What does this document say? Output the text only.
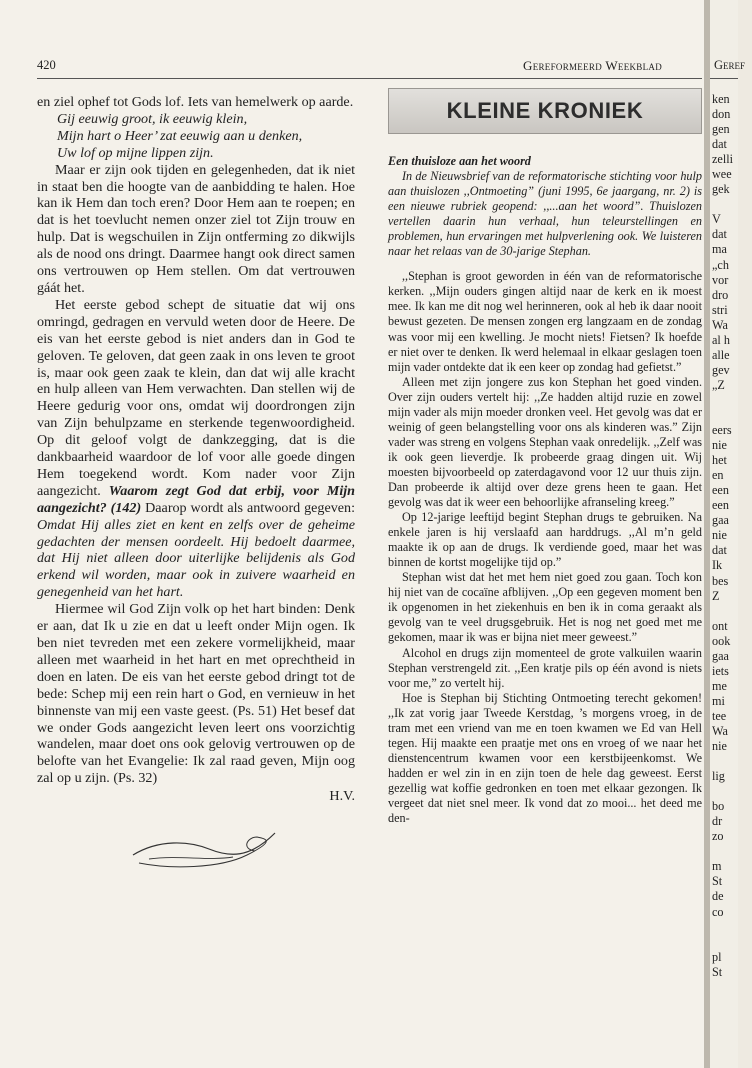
420	Gereformeerd Weekblad

en ziel ophef tot Gods lof. Iets van hemelwerk op aarde.

Gij eeuwig groot, ik eeuwig klein,

Mijn hart o Heer’ zat eeuwig aan u denken,

Uw lof op mijne lippen zijn.

Maar er zijn ook tijden en gelegenheden, dat ik niet in staat ben die hoogte van de aanbidding te halen. Hoe kan ik Hem dan toch eren? Door Hem aan te roepen; en dat is het toevlucht nemen onzer ziel tot Zijn trouw en hulp. Dat is wegschuilen in Zijn ontferming zo dikwijls als de nood ons dringt. Daarmee hangt ook direct samen ons vertrouwen op Hem stellen. Om dat vertrouwen gáát het.

Het eerste gebod schept de situatie dat wij ons omringd, gedragen en vervuld weten door de Heere. De eis van het eerste gebod is niet anders dan in God te geloven. Te geloven, dat geen zaak in ons leven te groot is, maar ook geen zaak te klein, dan dat wij alle kracht en hulp alleen van Hem verwachten. Dan stellen wij de Heere gedurig voor ons, omdat wij doordrongen zijn van Zijn behulpzame en sterkende tegenwoordigheid. Op dit geloof volgt de dankzegging, dat is die dankbaarheid waardoor de lof voor alle goede dingen Hem toegekend wordt. Kom nader voor Zijn aangezicht. Waarom zegt God dat erbij, voor Mijn aangezicht? (142) Daarop wordt als antwoord gegeven: Omdat Hij alles ziet en kent en zelfs over de geheime gedachten der mensen oordeelt. Hij bedoelt daarmee, dat Hij niet alleen door uiterlijke belijdenis als God erkend wil worden, maar ook in zuivere waarheid en genegenheid van het hart.

Hiermee wil God Zijn volk op het hart binden: Denk er aan, dat Ik u zie en dat u leeft onder Mijn ogen. Ik ben niet tevreden met een zekere vormelijkheid, maar alleen met waarheid in het hart en met oprechtheid in doen en laten. De eis van het eerste gebod dringt tot de bede: Schep mij een rein hart o God, en vernieuw in het binnenste van mij een vaste geest. (Ps. 51) Het besef dat we onder Gods aangezicht leven leert ons voorzichtig wandelen, maar doet ons ook gelovig vertrouwen op de belofte van het Evangelie: Ik zal raad geven, Mijn oog zal op u zijn. (Ps. 32)

H.V.

KLEINE KRONIEK

Een thuisloze aan het woord

In de Nieuwsbrief van de reformatorische stichting voor hulp aan thuislozen ,,Ontmoeting” (juni 1995, 6e jaargang, nr. 2) is een nieuwe rubriek geopend: ,,...aan het woord”. Thuislozen vertellen daarin hun verhaal, hun teleurstellingen en problemen, hun ervaringen met hulpverlening ook. We luisteren naar het relaas van de 30-jarige Stephan.

,,Stephan is groot geworden in één van de reformatorische kerken. ,,Mijn ouders gingen altijd naar de kerk en ik moest mee. Ik kan me dit nog wel herinneren, ook al heb ik daar nooit bewust gezeten. De mensen zongen erg langzaam en de zondag was voor mij een kwelling. Je mocht niets! Fietsen? Ik hoefde er niet over te denken. Ik werd helemaal in elkaar geslagen toen mijn vader ontdekte dat ik een keer op zondag had gefietst.”

Alleen met zijn jongere zus kon Stephan het goed vinden. Over zijn ouders vertelt hij: ,,Ze hadden altijd ruzie en zowel mijn vader als mijn moeder dronken veel. Het gevolg was dat er weinig of geen belangstelling voor ons als kinderen was.” Zijn vader was streng en volgens Stephan vaak onredelijk. ,,Zelf was ik ook geen lieverdje. Ik probeerde graag dingen uit. Wij moesten bijvoorbeeld op zaterdagavond voor 12 uur thuis zijn. Dan probeerde ik altijd over deze grens heen te gaan. Het gevolg was dat ik weer een behoorlijke afranseling kreeg.”

Op 12-jarige leeftijd begint Stephan drugs te gebruiken. Na enkele jaren is hij verslaafd aan harddrugs. ,,Al m’n geld maakte ik op aan de drugs. Ik verdiende goed, maar het was binnen de kortst mogelijke tijd op.”

Stephan wist dat het met hem niet goed zou gaan. Toch kon hij niet van de cocaïne afblijven. ,,Op een gegeven moment ben ik opgenomen in het ziekenhuis en ben ik in coma geraakt als gevolg van te veel drugsgebruik. Het is nog net goed met me gekomen, maar ik was er bijna niet meer geweest.”

Alcohol en drugs zijn momenteel de grote valkuilen waarin Stephan verstrengeld zit. ,,Een kratje pils op één avond is niets voor me,” zo vertelt hij.

Hoe is Stephan bij Stichting Ontmoeting terecht gekomen! ,,Ik zat vorig jaar Tweede Kerstdag, ’s morgens vroeg, in de tram met een vriend van me en toen kwamen we Ed van Hell tegen. Hij maakte een praatje met ons en vroeg of we naar het dienstencentrum kwamen voor een kerstbijeenkomst. We hadden er wel zin in en zijn toen de hele dag geweest. Eerst gezellig wat koffie gedronken en toen met elkaar gezongen. Ik vergeet dat niet snel meer. Ik vond dat zo mooi... het deed me den-

Geref
ken
don
gen
dat
zelli
wee
gek

V
dat
ma
„ch
vor
dro
stri
Wa
al h
alle
gev
„Z

eers
nie
het
en
een
een
gaa
nie
dat
Ik
bes
Z

ont
ook
gaa
iets
me
mi
tee
Wa
nie

lig

bo
dr
zo

m
St
de
co

pl
St
